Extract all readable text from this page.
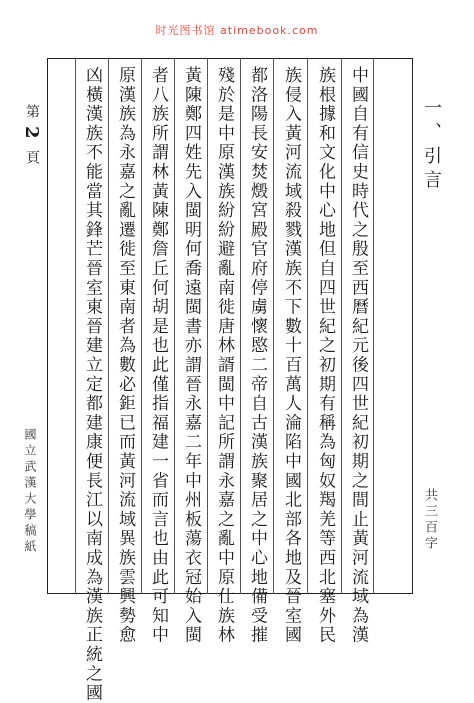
时光图书馆 atimebook.com
中國自有信史時代之殷至西曆紀元後四世紀初期之間止黃河流域為漢
族根據和文化中心地但自四世紀之初期有稱為匈奴羯羌等西北塞外民
族侵入黃河流域殺戮漢族不下數十百萬人淪陷中國北部各地及晉室國
都洛陽長安焚燬宮殿官府停虜懷愍二帝自古漢族聚居之中心地備受摧
殘於是中原漢族紛紛避亂南徙唐林諝閩中記所謂永嘉之亂中原仕族林
黃陳鄭四姓先入閩明何喬遠閩書亦謂晉永嘉二年中州板蕩衣冠始入閩
者八族所謂林黃陳鄭詹丘何胡是也此僅指福建一省而言也由此可知中
原漢族為永嘉之亂遷徙至東南者為數必鉅已而黃河流域異族雲興勢愈
凶橫漢族不能當其鋒芒晉室東晉建立定都建康便長江以南成為漢族正統之國	一、引言
共三百字
第
2
頁
國立武漢大學稿紙
